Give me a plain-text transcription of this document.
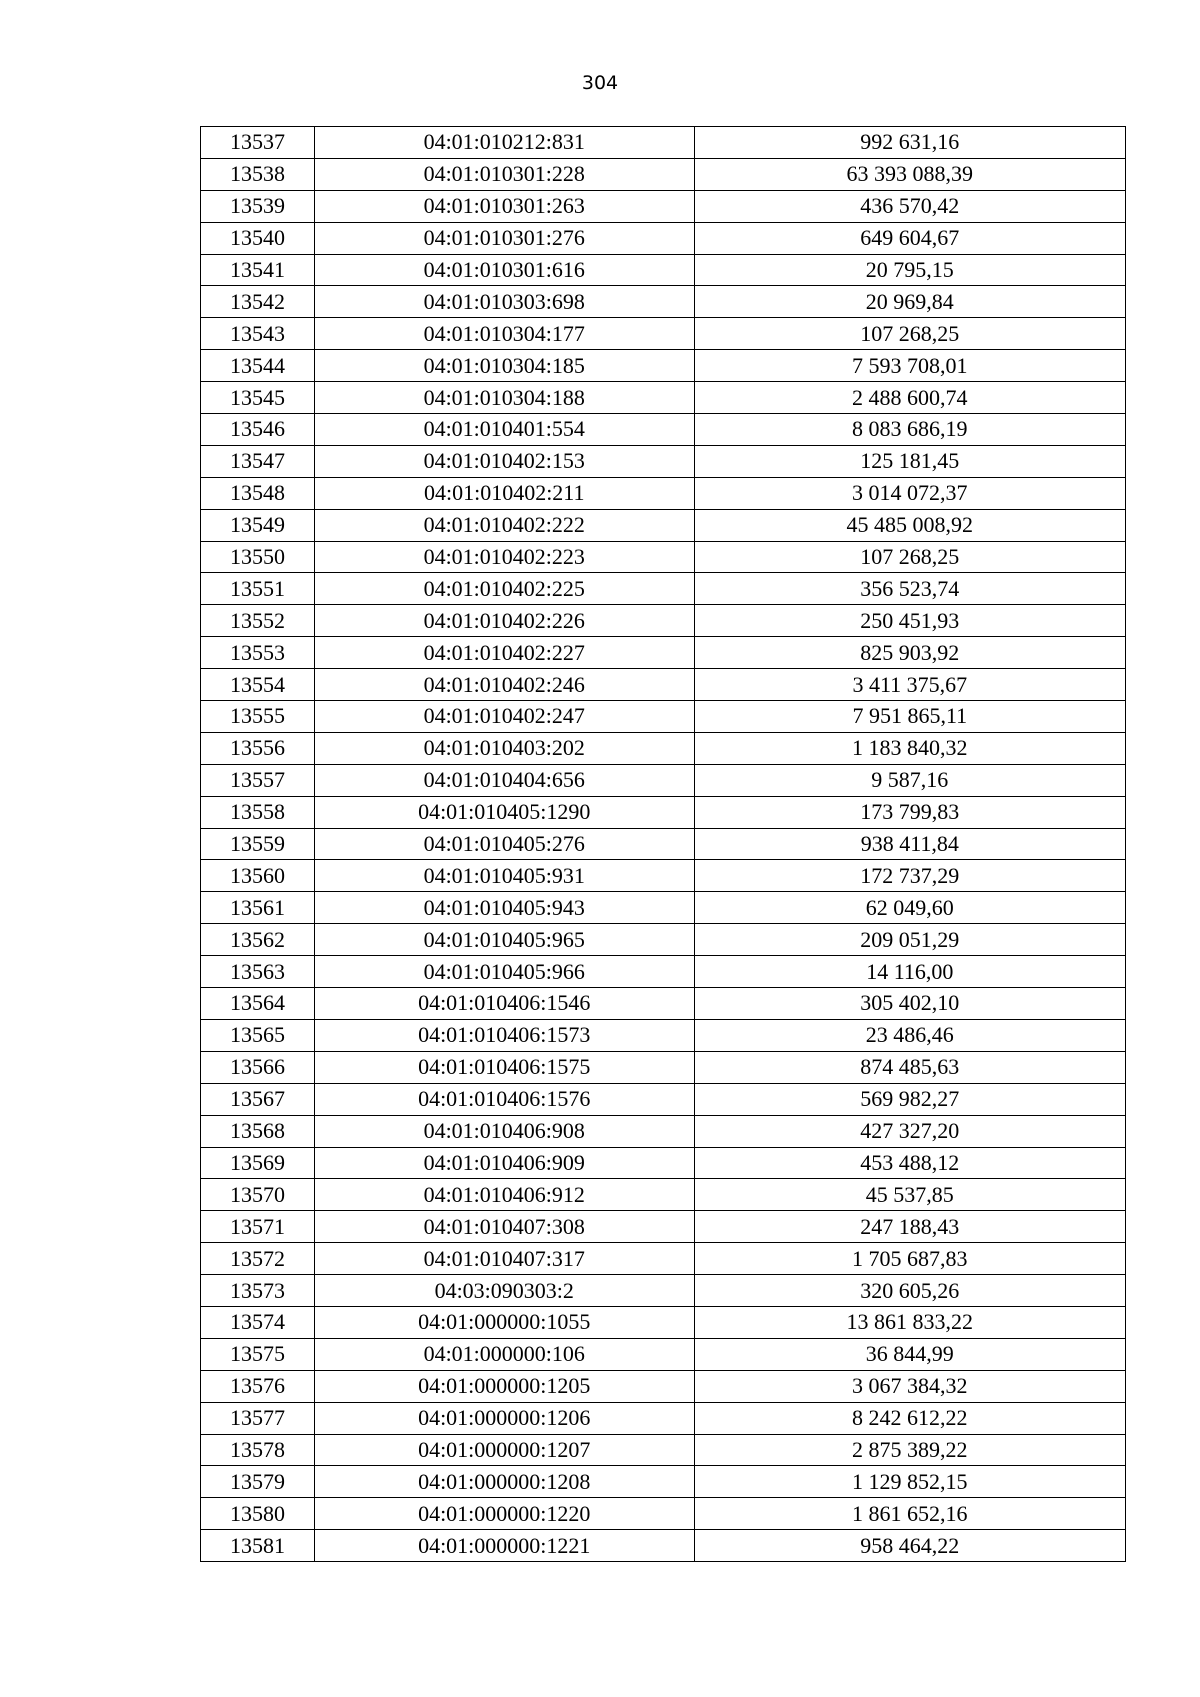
304
13537	04:01:010212:831	992 631,16
13538	04:01:010301:228	63 393 088,39
13539	04:01:010301:263	436 570,42
13540	04:01:010301:276	649 604,67
13541	04:01:010301:616	20 795,15
13542	04:01:010303:698	20 969,84
13543	04:01:010304:177	107 268,25
13544	04:01:010304:185	7 593 708,01
13545	04:01:010304:188	2 488 600,74
13546	04:01:010401:554	8 083 686,19
13547	04:01:010402:153	125 181,45
13548	04:01:010402:211	3 014 072,37
13549	04:01:010402:222	45 485 008,92
13550	04:01:010402:223	107 268,25
13551	04:01:010402:225	356 523,74
13552	04:01:010402:226	250 451,93
13553	04:01:010402:227	825 903,92
13554	04:01:010402:246	3 411 375,67
13555	04:01:010402:247	7 951 865,11
13556	04:01:010403:202	1 183 840,32
13557	04:01:010404:656	9 587,16
13558	04:01:010405:1290	173 799,83
13559	04:01:010405:276	938 411,84
13560	04:01:010405:931	172 737,29
13561	04:01:010405:943	62 049,60
13562	04:01:010405:965	209 051,29
13563	04:01:010405:966	14 116,00
13564	04:01:010406:1546	305 402,10
13565	04:01:010406:1573	23 486,46
13566	04:01:010406:1575	874 485,63
13567	04:01:010406:1576	569 982,27
13568	04:01:010406:908	427 327,20
13569	04:01:010406:909	453 488,12
13570	04:01:010406:912	45 537,85
13571	04:01:010407:308	247 188,43
13572	04:01:010407:317	1 705 687,83
13573	04:03:090303:2	320 605,26
13574	04:01:000000:1055	13 861 833,22
13575	04:01:000000:106	36 844,99
13576	04:01:000000:1205	3 067 384,32
13577	04:01:000000:1206	8 242 612,22
13578	04:01:000000:1207	2 875 389,22
13579	04:01:000000:1208	1 129 852,15
13580	04:01:000000:1220	1 861 652,16
13581	04:01:000000:1221	958 464,22
